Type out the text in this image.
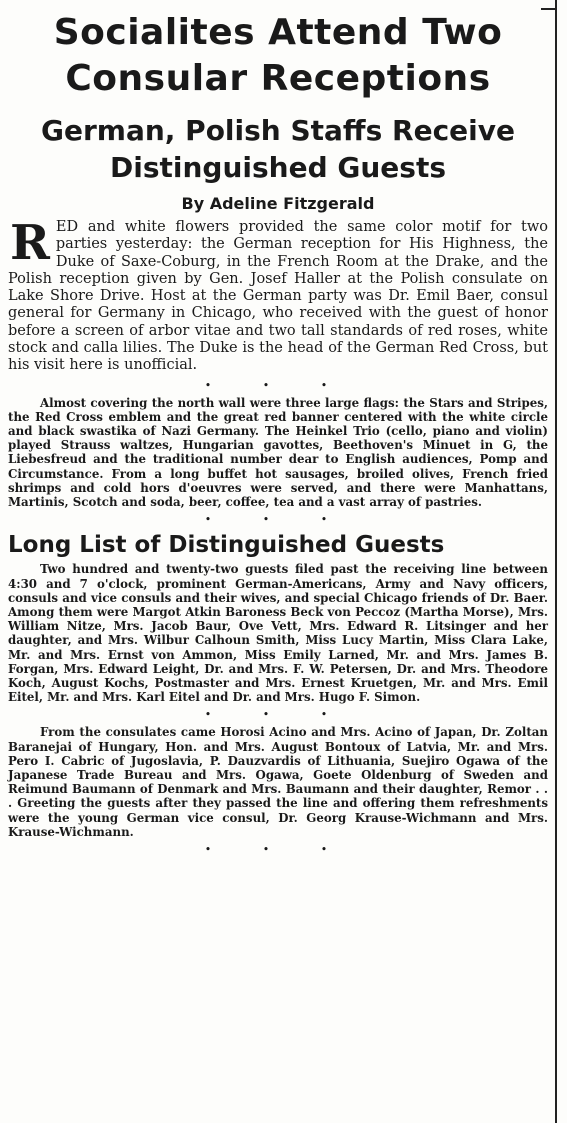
Socialites Attend Two
Consular Receptions
German, Polish Staffs Receive
Distinguished Guests
By Adeline Fitzgerald

RED and white flowers provided the same color motif for two parties yesterday: the German reception for His Highness, the Duke of Saxe-Coburg, in the French Room at the Drake, and the Polish reception given by Gen. Josef Haller at the Polish consulate on Lake Shore Drive. Host at the German party was Dr. Emil Baer, consul general for Germany in Chicago, who received with the guest of honor before a screen of arbor vitae and two tall standards of red roses, white stock and calla lilies. The Duke is the head of the German Red Cross, but his visit here is unofficial.

• • •

Almost covering the north wall were three large flags: the Stars and Stripes, the Red Cross emblem and the great red banner centered with the white circle and black swastika of Nazi Germany. The Heinkel Trio (cello, piano and violin) played Strauss waltzes, Hungarian gavottes, Beethoven's Minuet in G, the Liebesfreud and the traditional number dear to English audiences, Pomp and Circumstance. From a long buffet hot sausages, broiled olives, French fried shrimps and cold hors d'oeuvres were served, and there were Manhattans, Martinis, Scotch and soda, beer, coffee, tea and a vast array of pastries.

• • •
Long List of Distinguished Guests

Two hundred and twenty-two guests filed past the receiving line between 4:30 and 7 o'clock, prominent German-Americans, Army and Navy officers, consuls and vice consuls and their wives, and special Chicago friends of Dr. Baer. Among them were Margot Atkin Baroness Beck von Peccoz (Martha Morse), Mrs. William Nitze, Mrs. Jacob Baur, Ove Vett, Mrs. Edward R. Litsinger and her daughter, and Mrs. Wilbur Calhoun Smith, Miss Lucy Martin, Miss Clara Lake, Mr. and Mrs. Ernst von Ammon, Miss Emily Larned, Mr. and Mrs. James B. Forgan, Mrs. Edward Leight, Dr. and Mrs. F. W. Petersen, Dr. and Mrs. Theodore Koch, August Kochs, Postmaster and Mrs. Ernest Kruetgen, Mr. and Mrs. Emil Eitel, Mr. and Mrs. Karl Eitel and Dr. and Mrs. Hugo F. Simon.

• • •

From the consulates came Horosi Acino and Mrs. Acino of Japan, Dr. Zoltan Baranejai of Hungary, Hon. and Mrs. August Bontoux of Latvia, Mr. and Mrs. Pero I. Cabric of Jugoslavia, P. Dauzvardis of Lithuania, Suejiro Ogawa of the Japanese Trade Bureau and Mrs. Ogawa, Goete Oldenburg of Sweden and Reimund Baumann of Denmark and Mrs. Baumann and their daughter, Remor . . . Greeting the guests after they passed the line and offering them refreshments were the young German vice consul, Dr. Georg Krause-Wichmann and Mrs. Krause-Wichmann.

• • •
